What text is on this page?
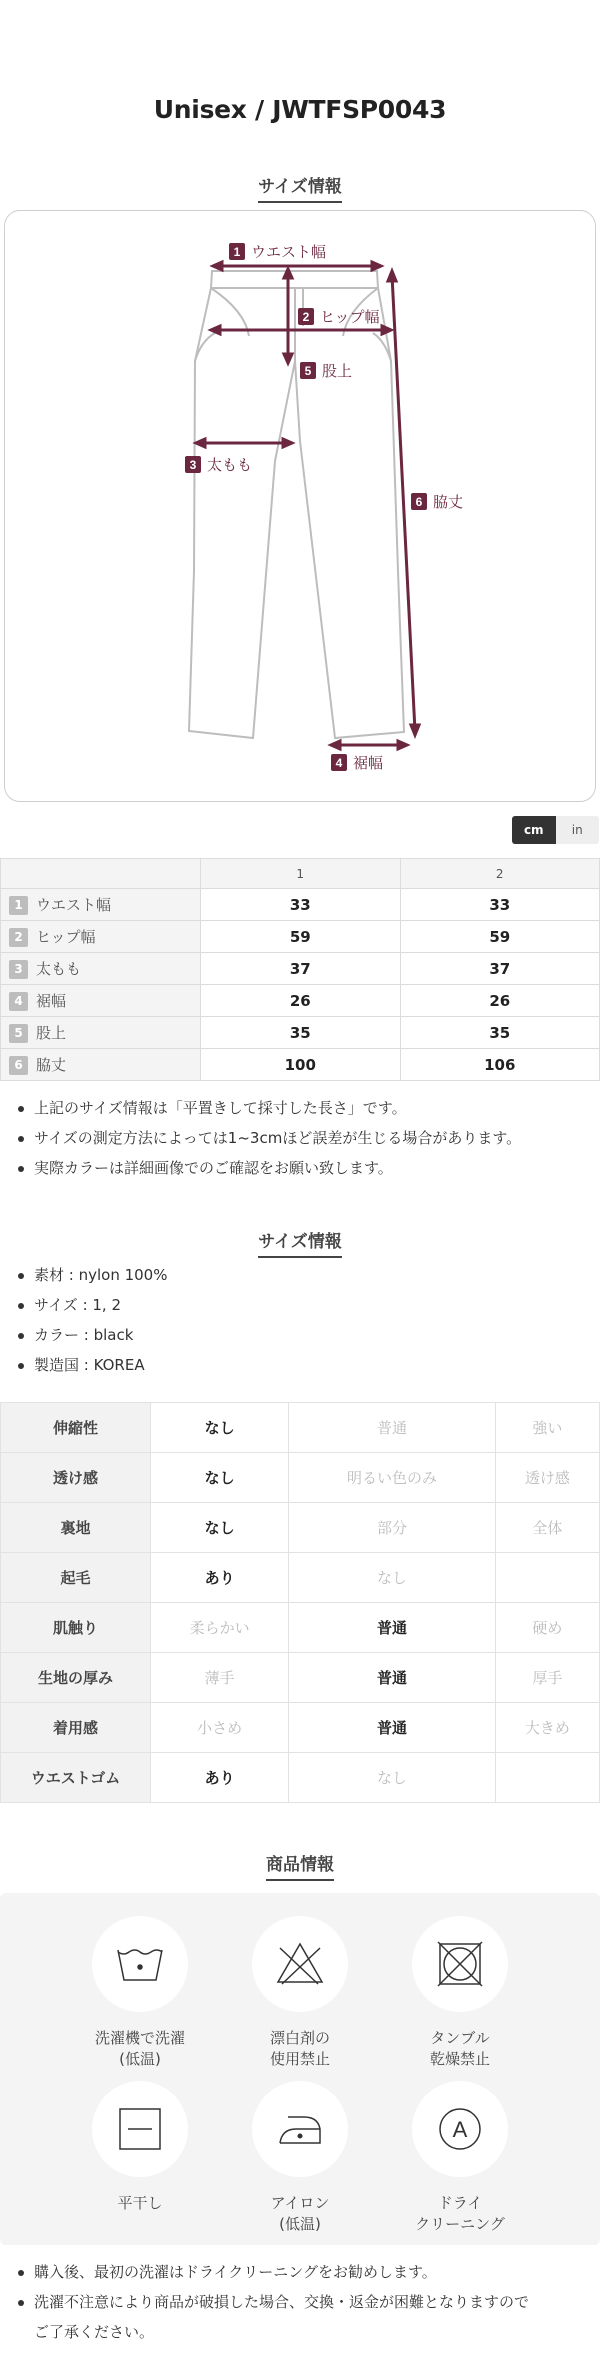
Unisex / JWTFSP0043
サイズ情報
1 ウエスト幅
2 ヒップ幅
5 股上
3 太もも
6 脇丈
4 裾幅
cm	in
	1	2
1 ウエスト幅	33	33
2 ヒップ幅	59	59
3 太もも	37	37
4 裾幅	26	26
5 股上	35	35
6 脇丈	100	106
上記のサイズ情報は「平置きして採寸した長さ」です。
サイズの測定方法によっては1~3cmほど誤差が生じる場合があります。
実際カラーは詳細画像でのご確認をお願い致します。
サイズ情報
素材 : nylon 100%
サイズ : 1, 2
カラー : black
製造国 : KOREA
伸縮性	なし	普通	強い
透け感	なし	明るい色のみ	透け感
裏地	なし	部分	全体
起毛	あり	なし	
肌触り	柔らかい	普通	硬め
生地の厚み	薄手	普通	厚手
着用感	小さめ	普通	大きめ
ウエストゴム	あり	なし	
商品情報
洗濯機で洗濯
(低温)
漂白剤の
使用禁止
タンブル
乾燥禁止
平干し	アイロン
(低温)
A
ドライ
クリーニング
購入後、最初の洗濯はドライクリーニングをお勧めします。
洗濯不注意により商品が破損した場合、交換・返金が困難となりますので
ご了承ください。
